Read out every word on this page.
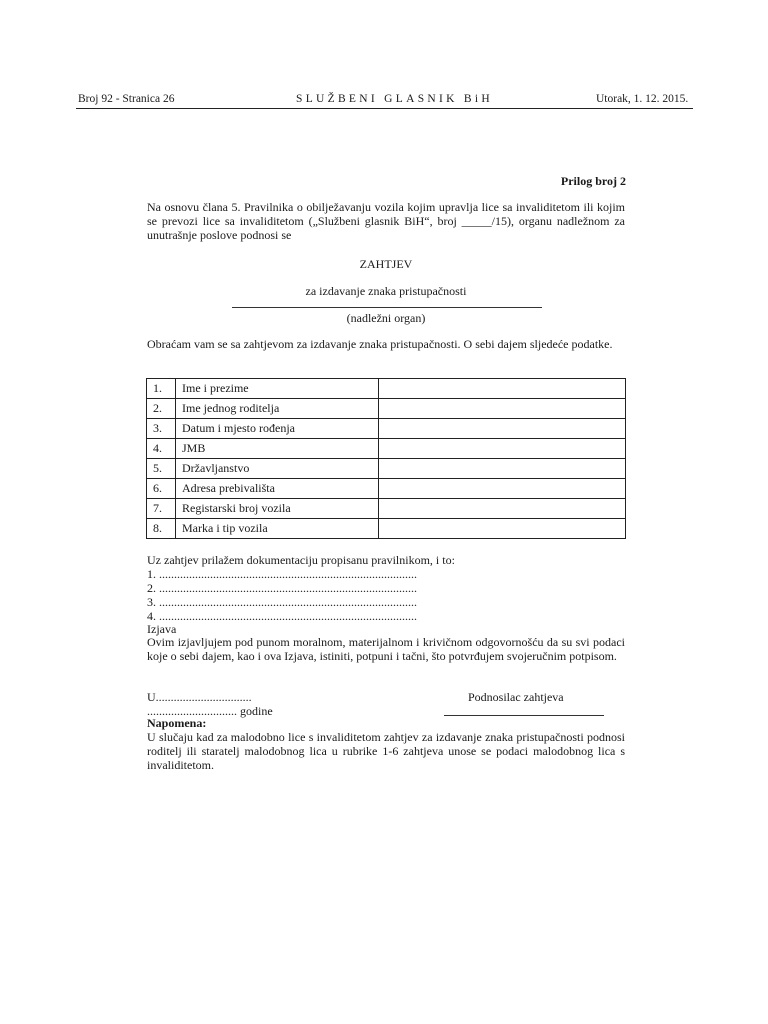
Broj 92 - Stranica 26	SLUŽBENI GLASNIK BiH	Utorak, 1. 12. 2015.
Prilog broj 2
Na osnovu člana 5. Pravilnika o obilježavanju vozila kojim upravlja lice sa invaliditetom ili kojim se prevozi lice sa invaliditetom („Službeni glasnik BiH“, broj _____/15), organu nadležnom za unutrašnje poslove podnosi se
ZAHTJEV
za izdavanje znaka pristupačnosti
(nadležni organ)
Obraćam vam se sa zahtjevom za izdavanje znaka pristupačnosti. O sebi dajem sljedeće podatke.
1.	Ime i prezime	
2.	Ime jednog roditelja	
3.	Datum i mjesto rođenja	
4.	JMB	
5.	Državljanstvo	
6.	Adresa prebivališta	
7.	Registarski broj vozila	
8.	Marka i tip vozila	
Uz zahtjev prilažem dokumentaciju propisanu pravilnikom, i to:
1. ......................................................................................
2. ......................................................................................
3. ......................................................................................
4. ......................................................................................
Izjava
Ovim izjavljujem pod punom moralnom, materijalnom i krivičnom odgovornošću da su svi podaci koje o sebi dajem, kao i ova Izjava, istiniti, potpuni i tačni, što potvrđujem svojeručnim potpisom.
U................................
.............................. godine
Podnosilac zahtjeva
Napomena:
U slučaju kad za malodobno lice s invaliditetom zahtjev za izdavanje znaka pristupačnosti podnosi roditelj ili staratelj malodobnog lica u rubrike 1-6 zahtjeva unose se podaci malodobnog lica s invaliditetom.
